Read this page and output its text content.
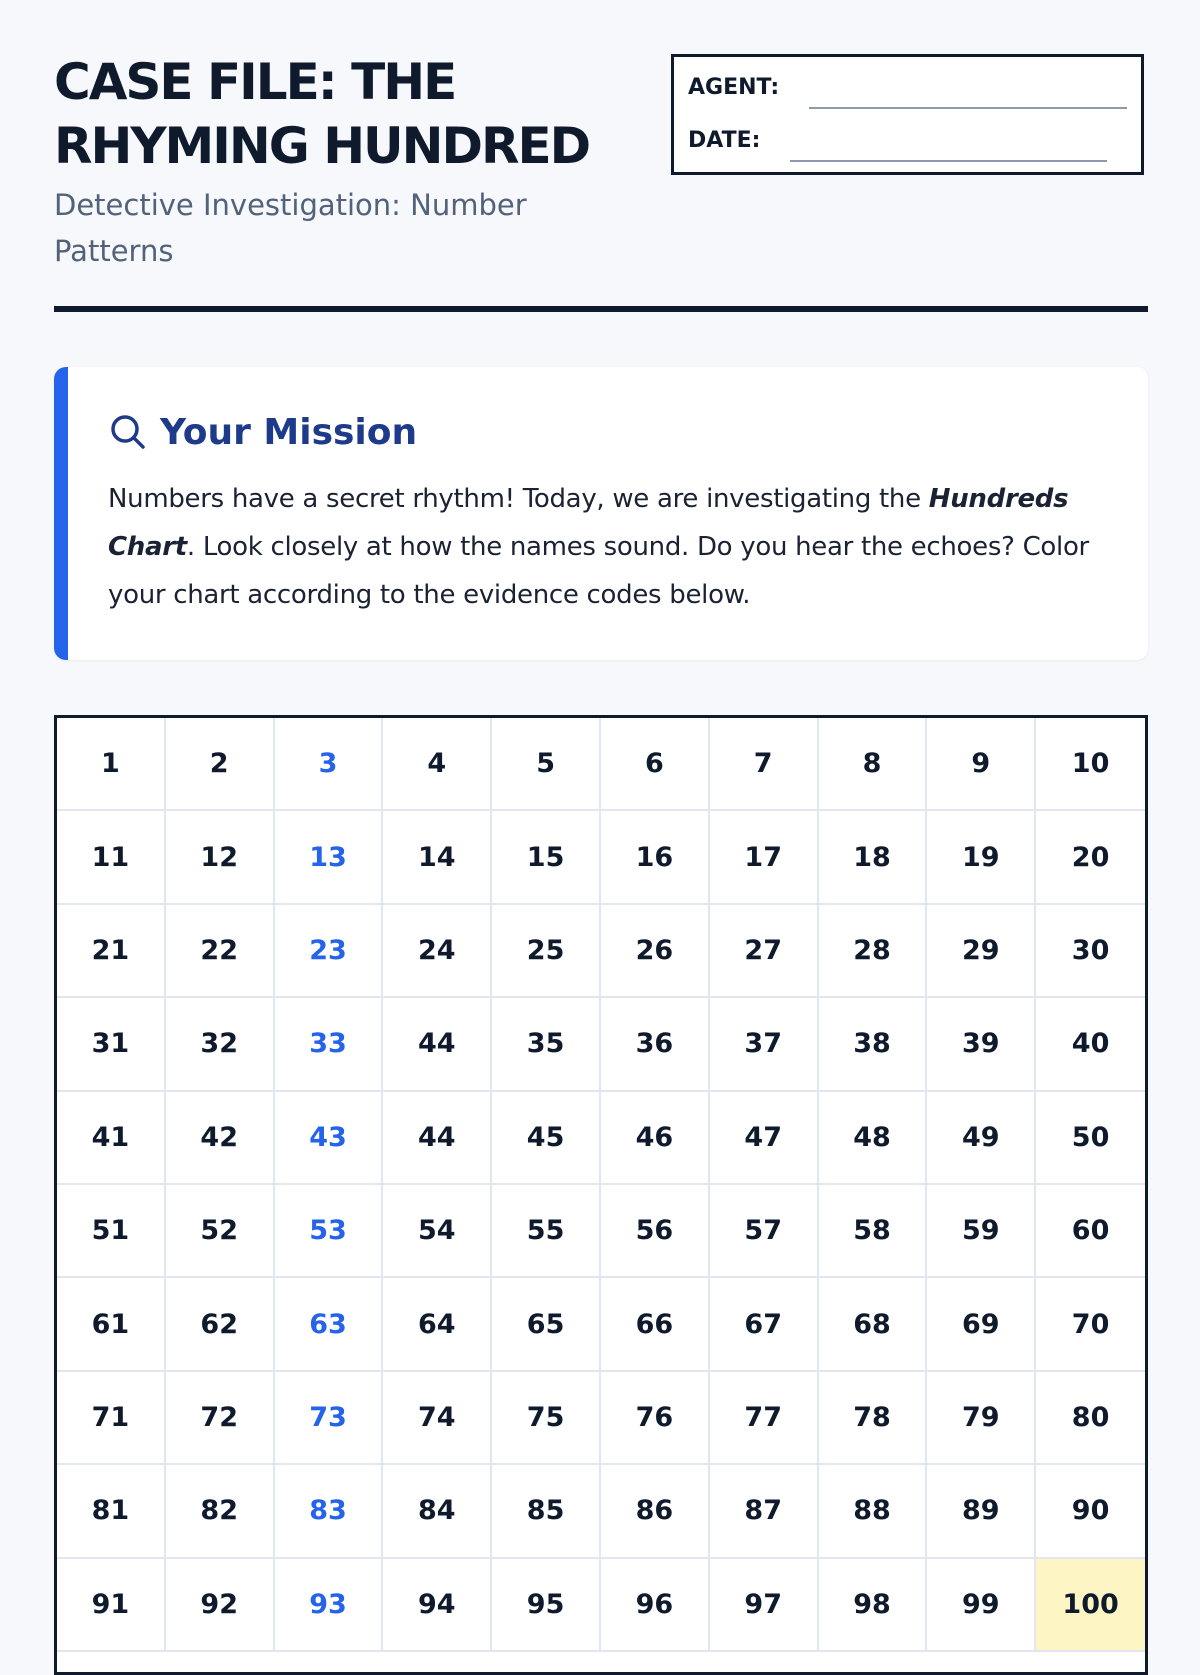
CASE FILE: THE RHYMING HUNDRED
Detective Investigation: Number Patterns
AGENT:
DATE:
Your Mission
Numbers have a secret rhythm! Today, we are investigating the Hundreds Chart. Look closely at how the names sound. Do you hear the echoes? Color your chart according to the evidence codes below.
1	2	3	4	5	6	7	8	9	10
11	12	13	14	15	16	17	18	19	20
21	22	23	24	25	26	27	28	29	30
31	32	33	44	35	36	37	38	39	40
41	42	43	44	45	46	47	48	49	50
51	52	53	54	55	56	57	58	59	60
61	62	63	64	65	66	67	68	69	70
71	72	73	74	75	76	77	78	79	80
81	82	83	84	85	86	87	88	89	90
91	92	93	94	95	96	97	98	99	100
